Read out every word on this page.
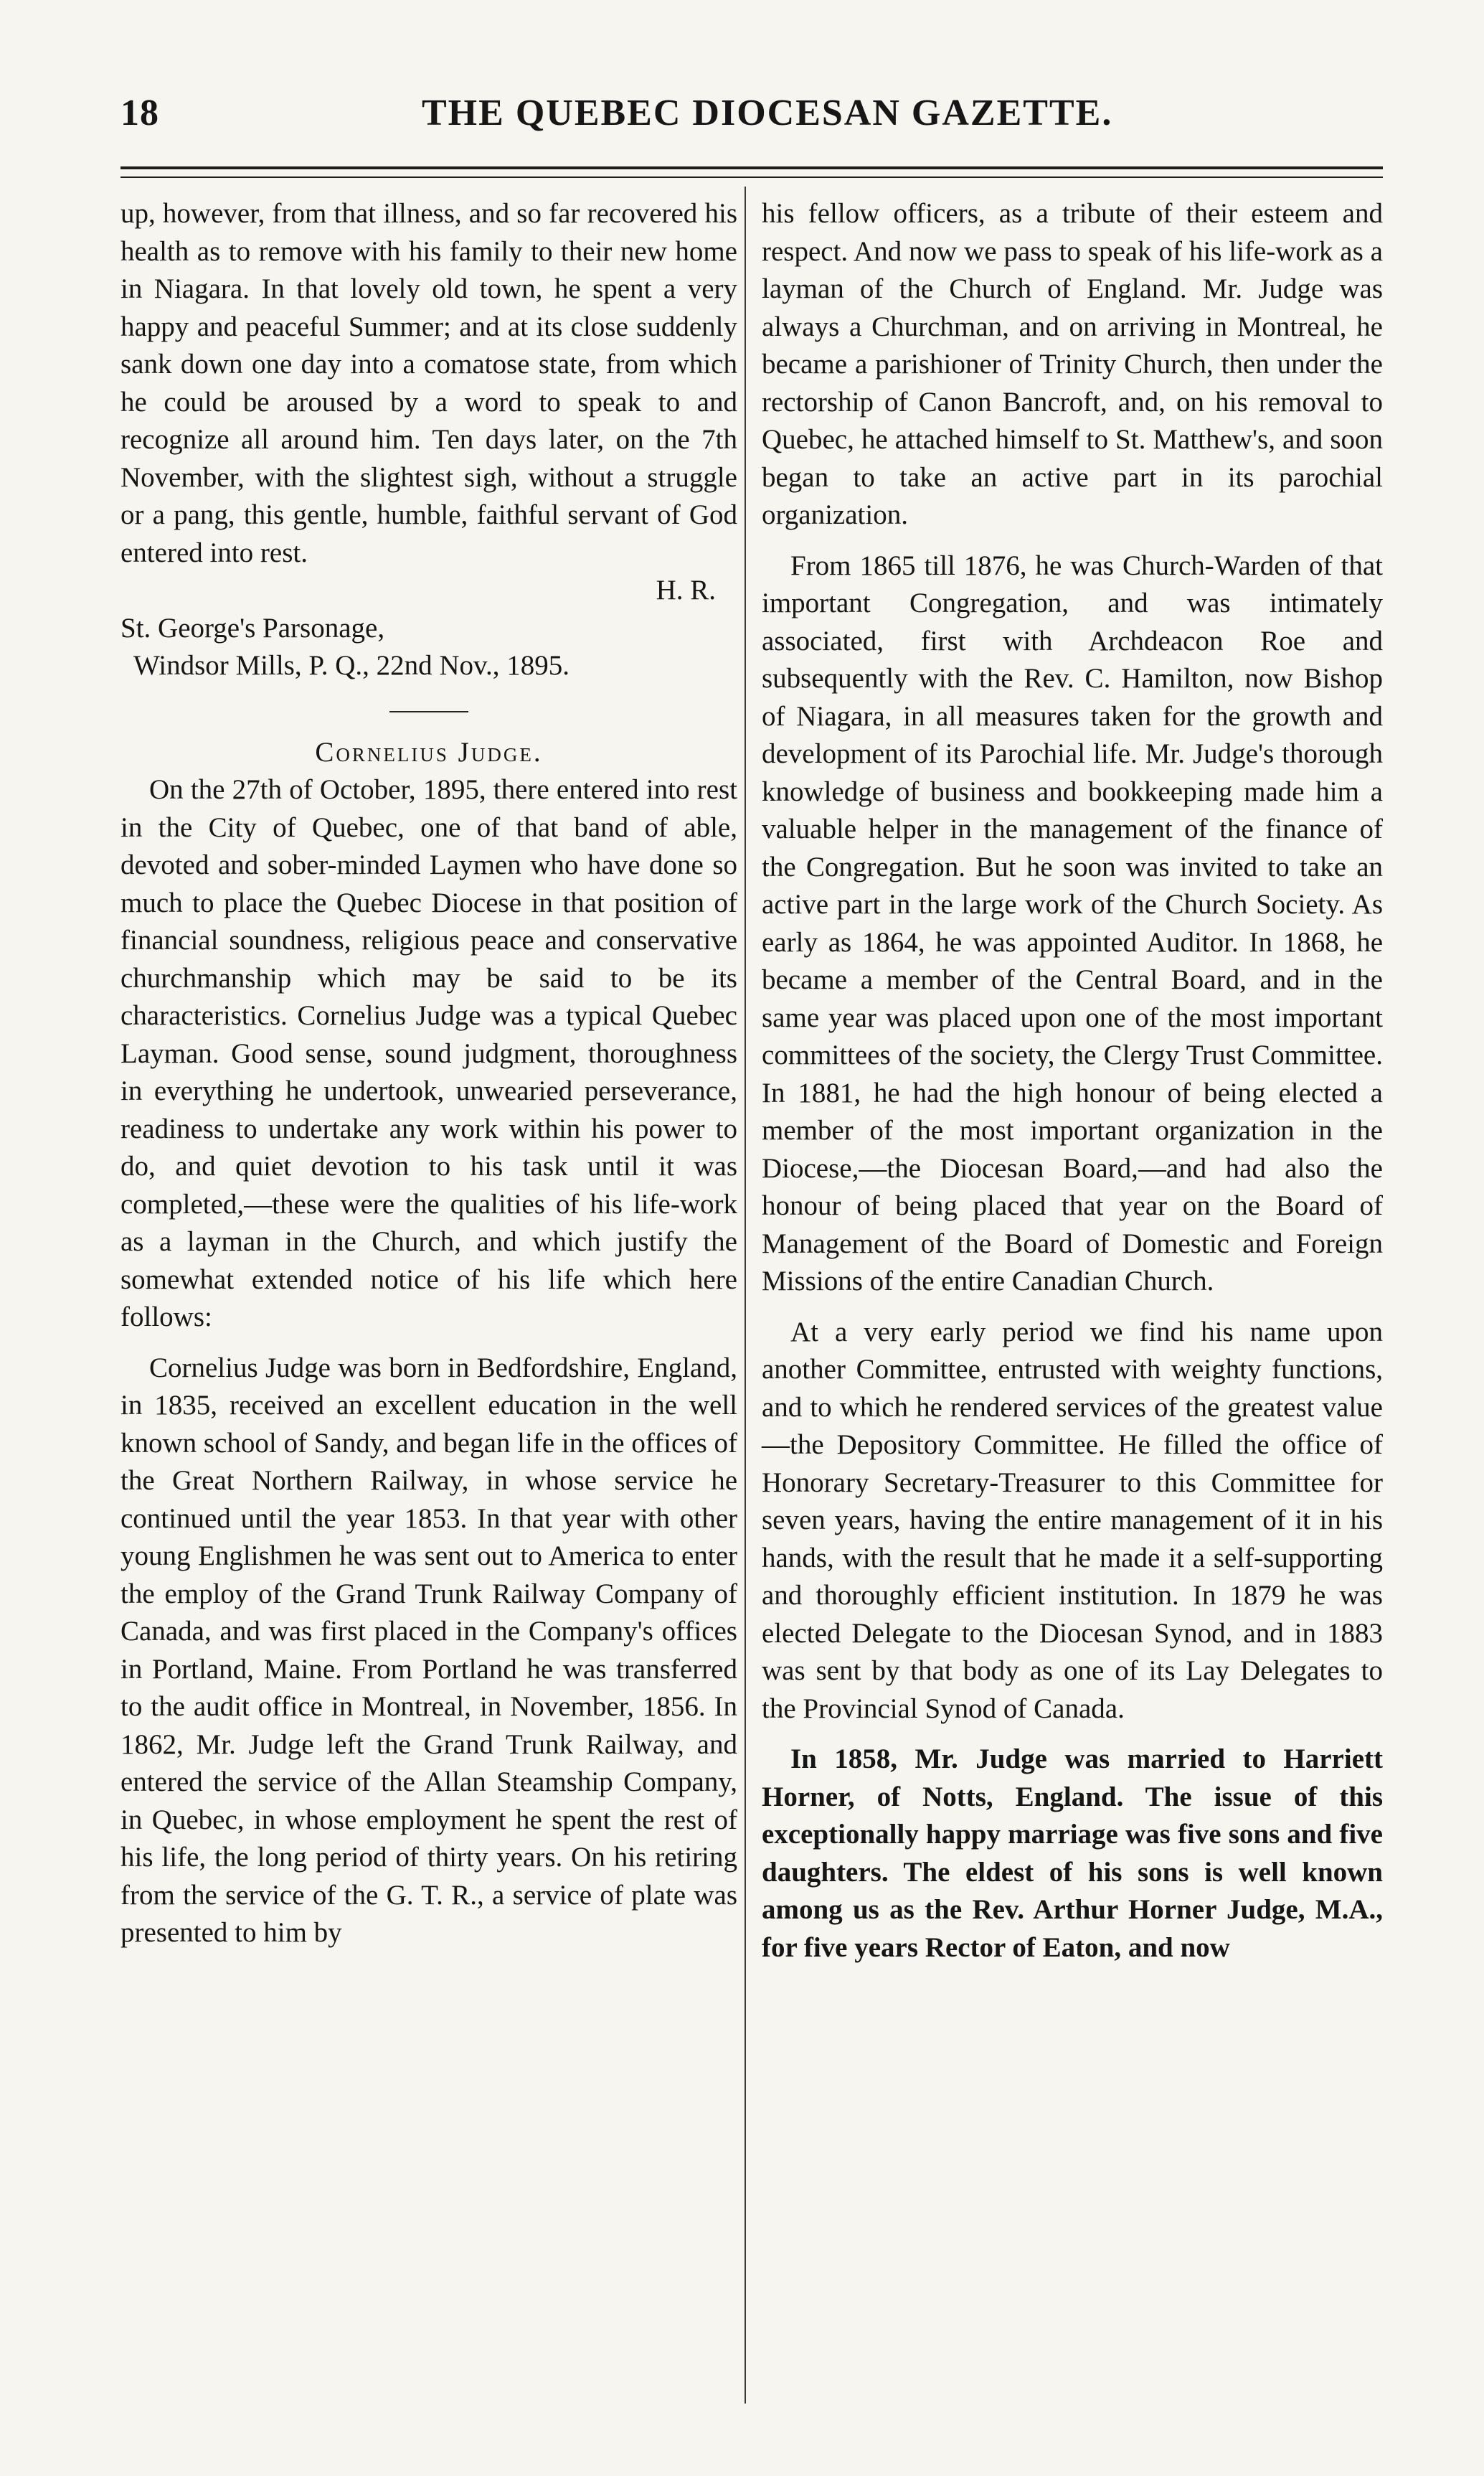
18	THE QUEBEC DIOCESAN GAZETTE.

up, however, from that illness, and so far recovered his health as to remove with his family to their new home in Niagara. In that lovely old town, he spent a very happy and peaceful Summer; and at its close suddenly sank down one day into a comatose state, from which he could be aroused by a word to speak to and recognize all around him. Ten days later, on the 7th November, with the slightest sigh, without a struggle or a pang, this gentle, humble, faithful servant of God entered into rest.

H. R.

St. George's Parsonage,

Windsor Mills, P. Q., 22nd Nov., 1895.

Cornelius Judge.

On the 27th of October, 1895, there entered into rest in the City of Quebec, one of that band of able, devoted and sober-minded Laymen who have done so much to place the Quebec Diocese in that position of financial soundness, religious peace and conservative churchmanship which may be said to be its characteristics. Cornelius Judge was a typical Quebec Layman. Good sense, sound judgment, thoroughness in everything he undertook, unwearied perseverance, readiness to undertake any work within his power to do, and quiet devotion to his task until it was completed,—these were the qualities of his life-work as a layman in the Church, and which justify the somewhat extended notice of his life which here follows:

Cornelius Judge was born in Bedfordshire, England, in 1835, received an excellent education in the well known school of Sandy, and began life in the offices of the Great Northern Railway, in whose service he continued until the year 1853. In that year with other young Englishmen he was sent out to America to enter the employ of the Grand Trunk Railway Company of Canada, and was first placed in the Company's offices in Portland, Maine. From Portland he was transferred to the audit office in Montreal, in November, 1856. In 1862, Mr. Judge left the Grand Trunk Railway, and entered the service of the Allan Steamship Company, in Quebec, in whose employment he spent the rest of his life, the long period of thirty years. On his retiring from the service of the G. T. R., a service of plate was presented to him by

his fellow officers, as a tribute of their esteem and respect. And now we pass to speak of his life-work as a layman of the Church of England. Mr. Judge was always a Churchman, and on arriving in Montreal, he became a parishioner of Trinity Church, then under the rectorship of Canon Bancroft, and, on his removal to Quebec, he attached himself to St. Matthew's, and soon began to take an active part in its parochial organization.

From 1865 till 1876, he was Church-Warden of that important Congregation, and was intimately associated, first with Archdeacon Roe and subsequently with the Rev. C. Hamilton, now Bishop of Niagara, in all measures taken for the growth and development of its Parochial life. Mr. Judge's thorough knowledge of business and bookkeeping made him a valuable helper in the management of the finance of the Congregation. But he soon was invited to take an active part in the large work of the Church Society. As early as 1864, he was appointed Auditor. In 1868, he became a member of the Central Board, and in the same year was placed upon one of the most important committees of the society, the Clergy Trust Committee. In 1881, he had the high honour of being elected a member of the most important organization in the Diocese,—the Diocesan Board,—and had also the honour of being placed that year on the Board of Management of the Board of Domestic and Foreign Missions of the entire Canadian Church.

At a very early period we find his name upon another Committee, entrusted with weighty functions, and to which he rendered services of the greatest value—the Depository Committee. He filled the office of Honorary Secretary-Treasurer to this Committee for seven years, having the entire management of it in his hands, with the result that he made it a self-supporting and thoroughly efficient institution. In 1879 he was elected Delegate to the Diocesan Synod, and in 1883 was sent by that body as one of its Lay Delegates to the Provincial Synod of Canada.

In 1858, Mr. Judge was married to Harriett Horner, of Notts, England. The issue of this exceptionally happy marriage was five sons and five daughters. The eldest of his sons is well known among us as the Rev. Arthur Horner Judge, M.A., for five years Rector of Eaton, and now
